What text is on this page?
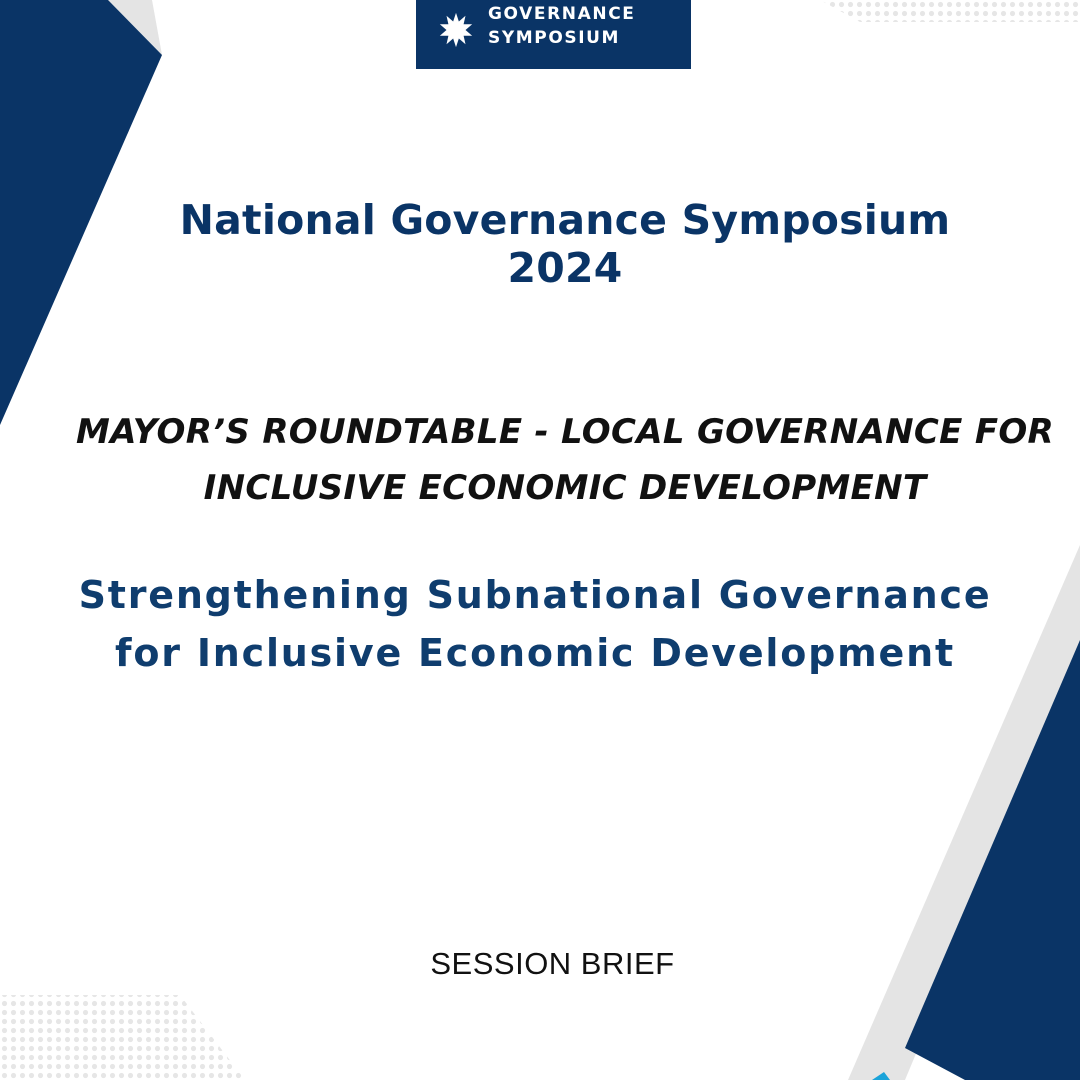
GOVERNANCE
SYMPOSIUM
National Governance Symposium
2024
MAYOR’S ROUNDTABLE - LOCAL GOVERNANCE FOR
INCLUSIVE ECONOMIC DEVELOPMENT
Strengthening Subnational Governance
for Inclusive Economic Development
SESSION BRIEF
